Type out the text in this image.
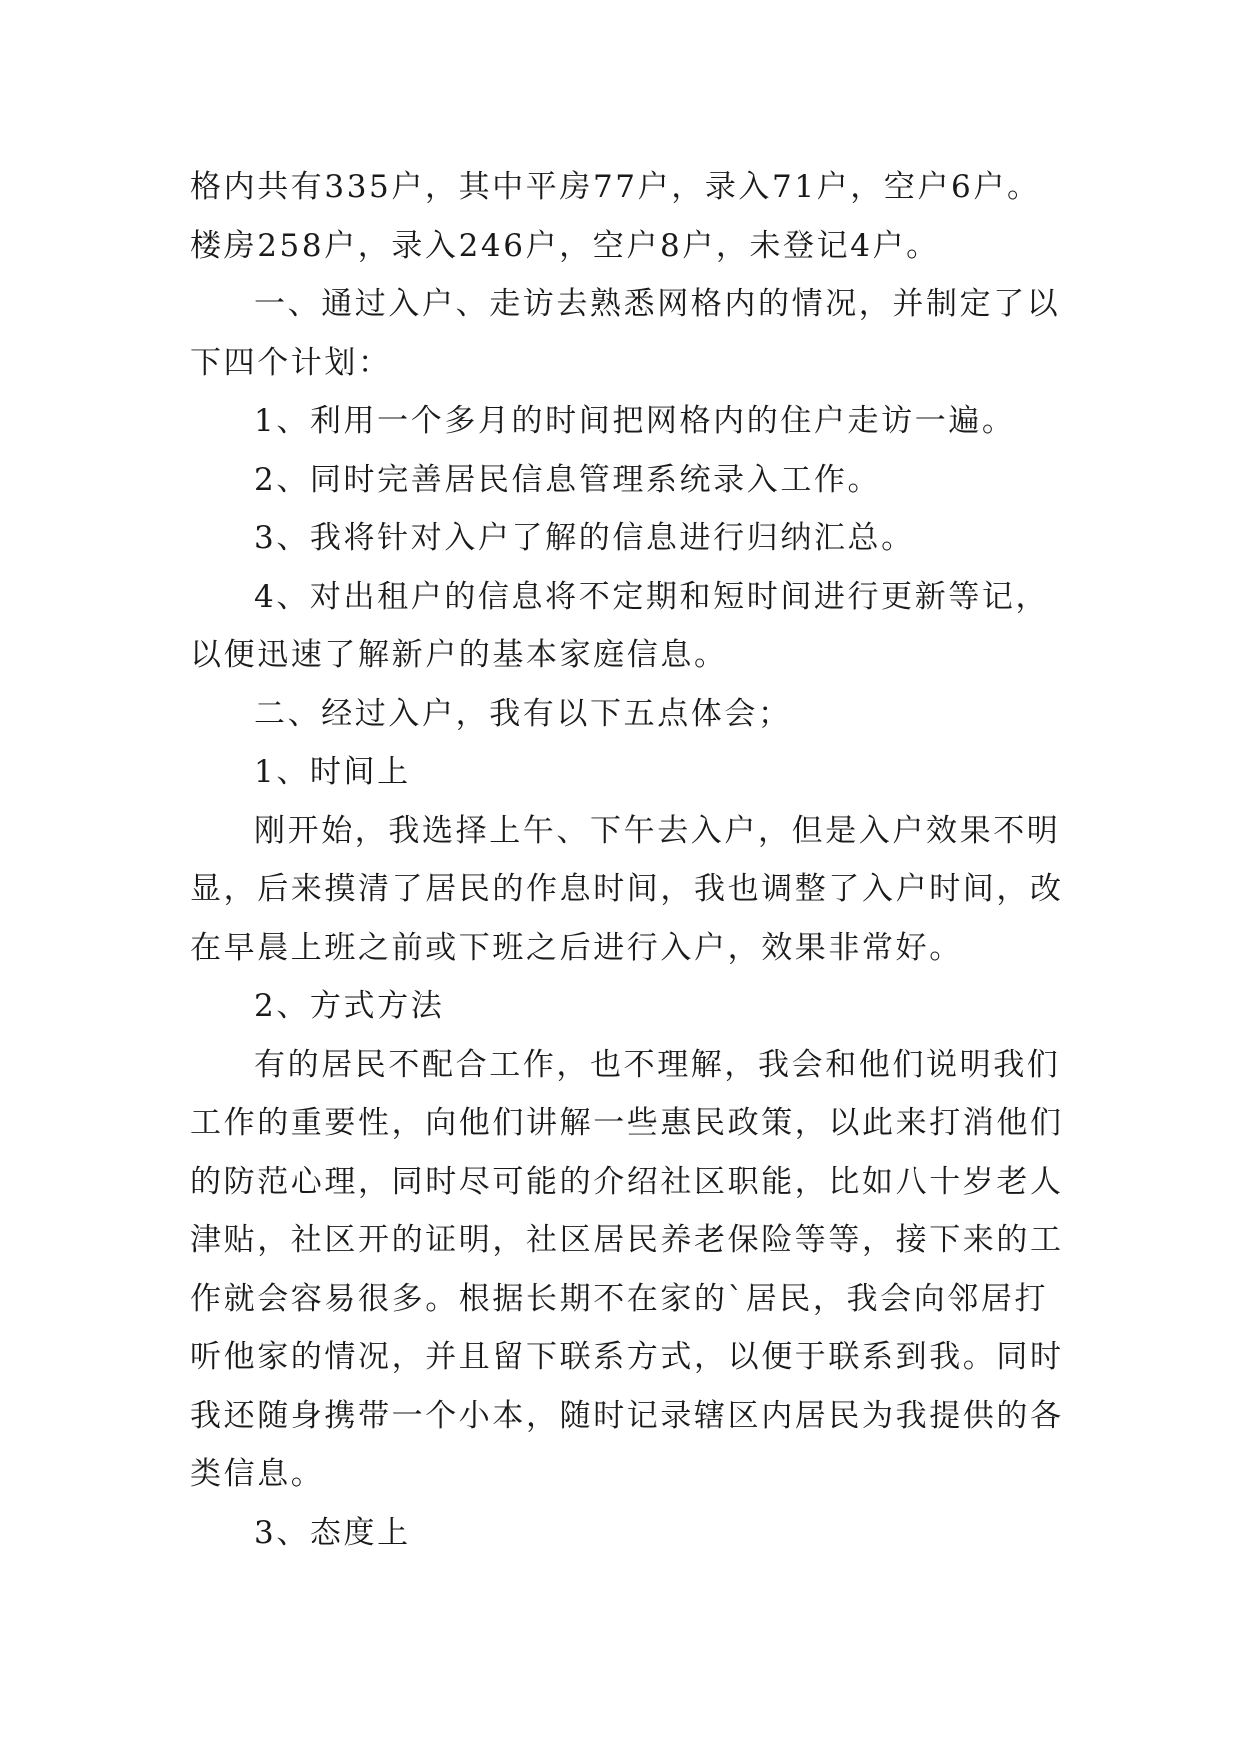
格内共有335户，其中平房77户，录入71户，空户6户。楼房258户，录入246户，空户8户，未登记4户。

一、通过入户、走访去熟悉网格内的情况，并制定了以下四个计划：

1、利用一个多月的时间把网格内的住户走访一遍。

2、同时完善居民信息管理系统录入工作。

3、我将针对入户了解的信息进行归纳汇总。

4、对出租户的信息将不定期和短时间进行更新等记，以便迅速了解新户的基本家庭信息。

二、经过入户，我有以下五点体会；

1、时间上

刚开始，我选择上午、下午去入户，但是入户效果不明显，后来摸清了居民的作息时间，我也调整了入户时间，改在早晨上班之前或下班之后进行入户，效果非常好。

2、方式方法

有的居民不配合工作，也不理解，我会和他们说明我们工作的重要性，向他们讲解一些惠民政策，以此来打消他们的防范心理，同时尽可能的介绍社区职能，比如八十岁老人津贴，社区开的证明，社区居民养老保险等等，接下来的工作就会容易很多。根据长期不在家的`居民，我会向邻居打听他家的情况，并且留下联系方式，以便于联系到我。同时我还随身携带一个小本，随时记录辖区内居民为我提供的各类信息。

3、态度上
